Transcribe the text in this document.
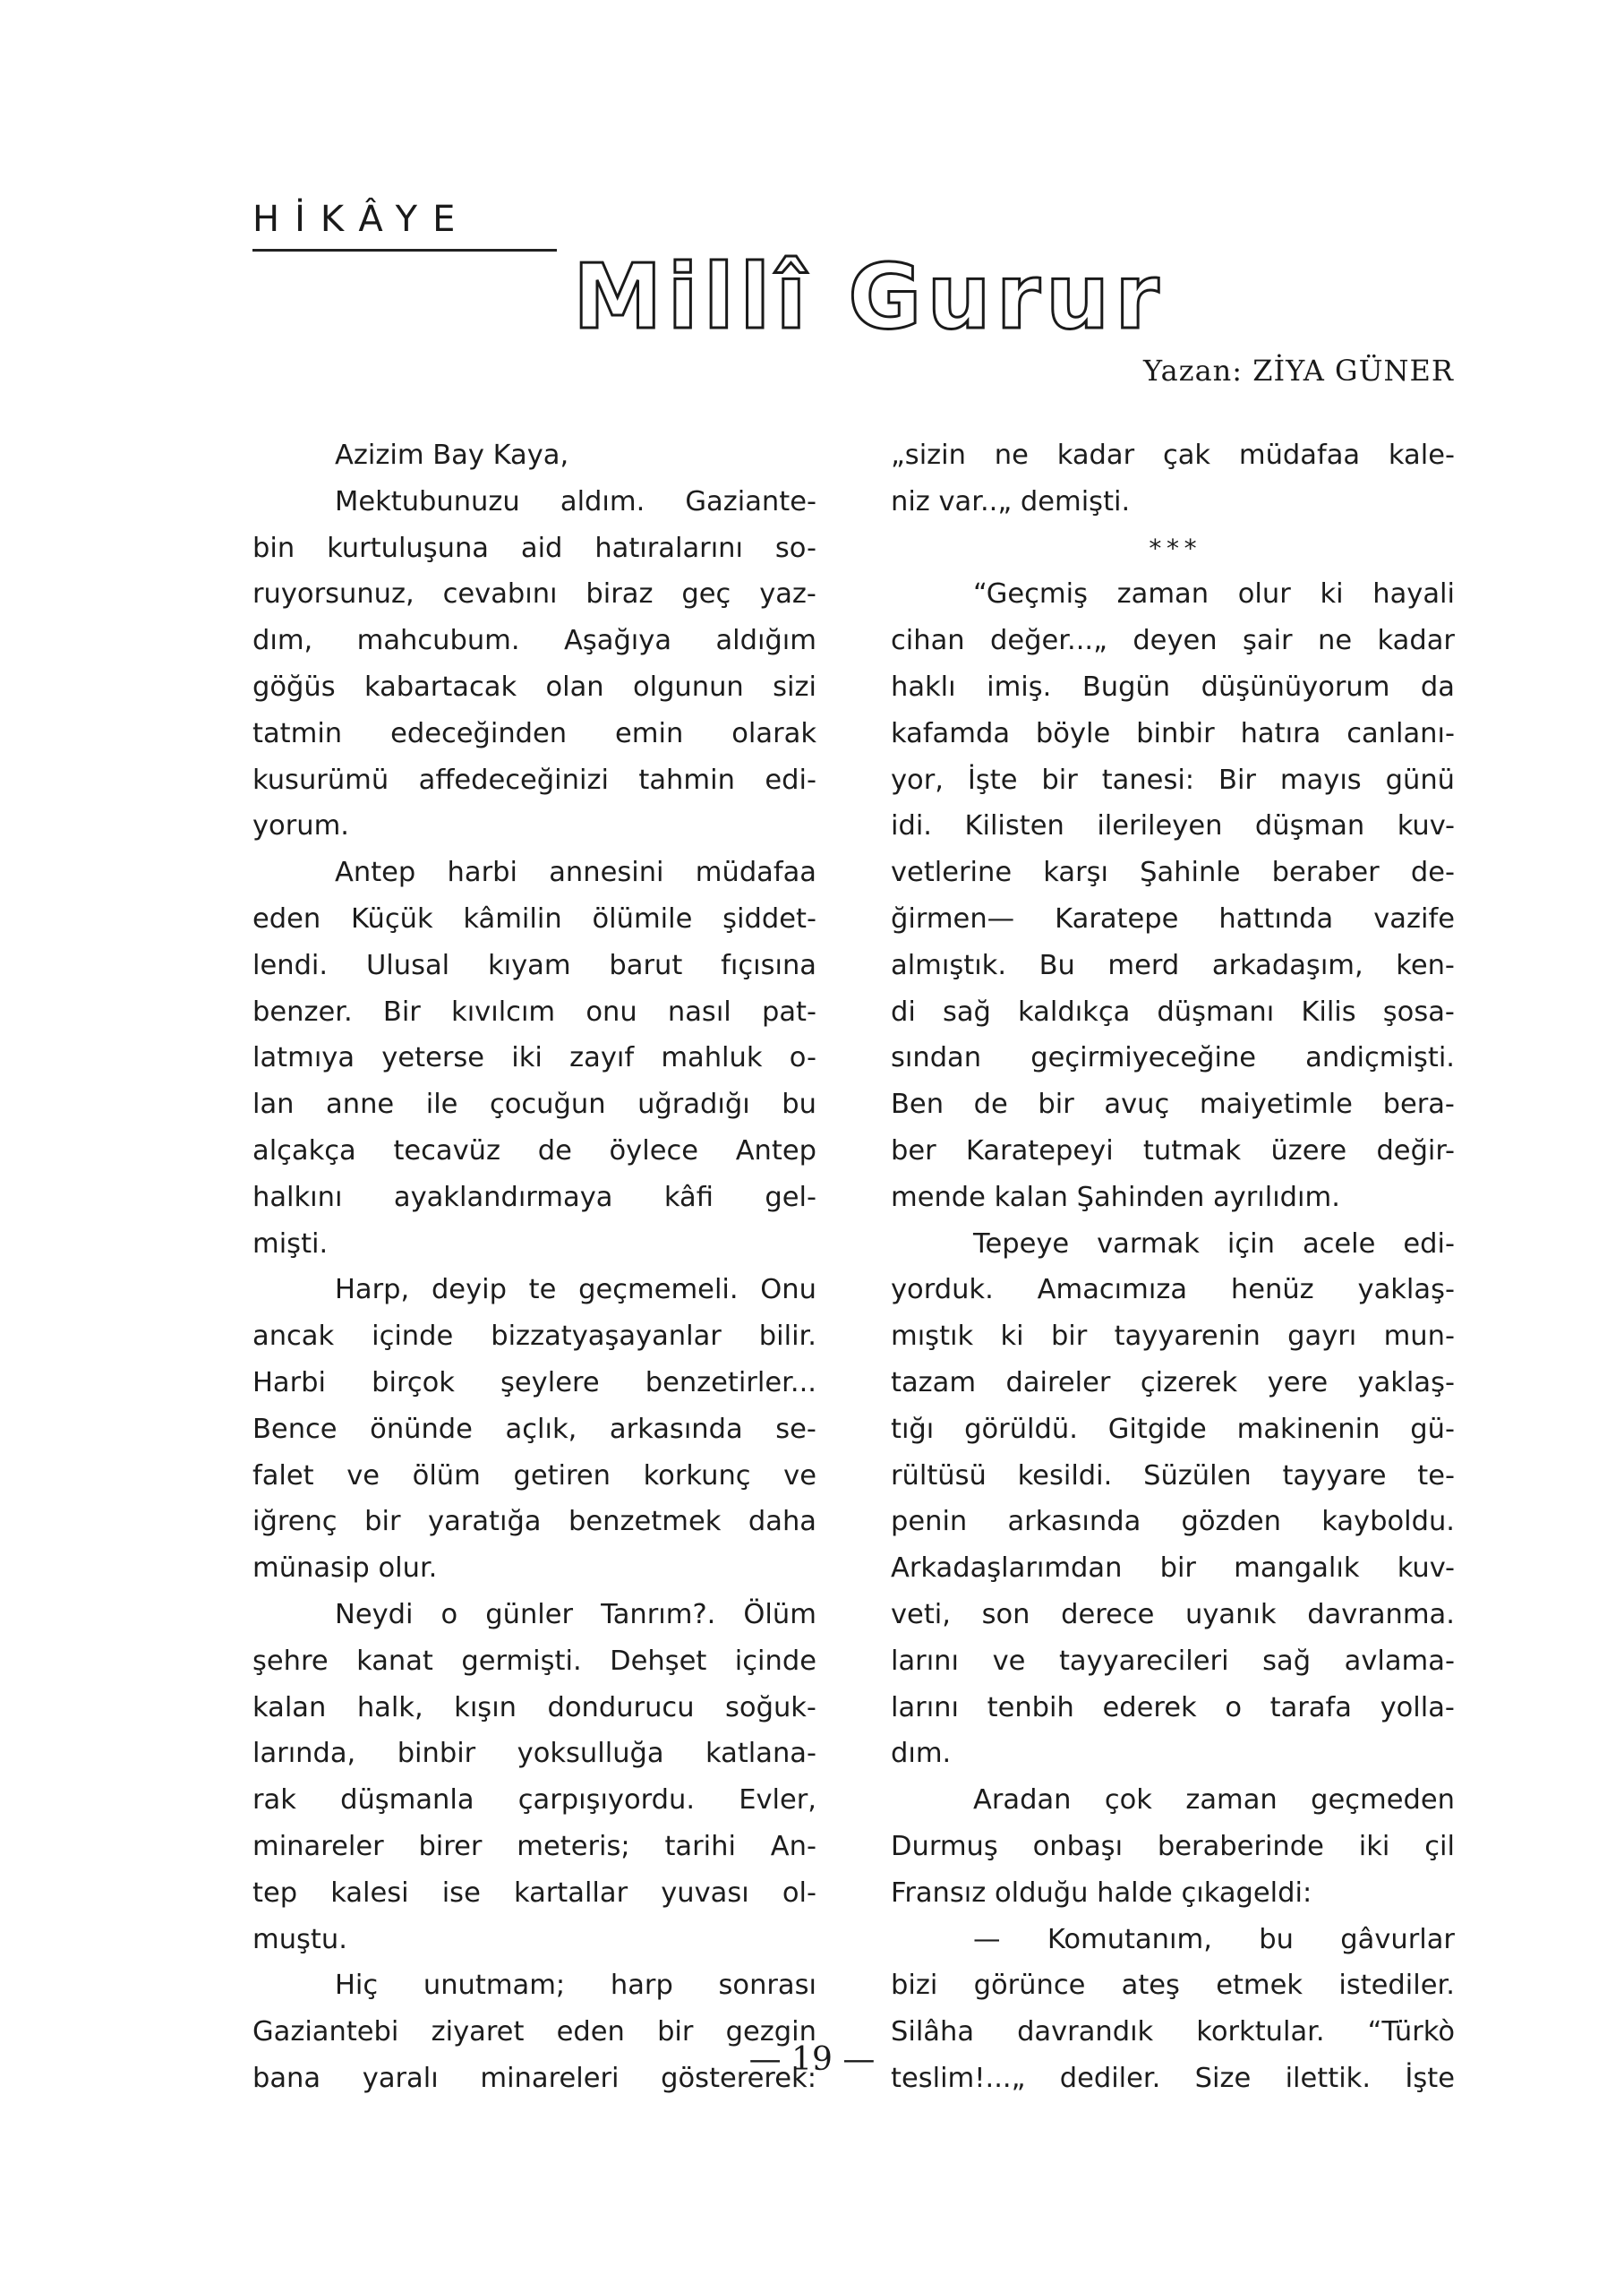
HİKÂYE
Millî Gurur
Yazan: ZİYA GÜNER
Azizim Bay Kaya,
Mektubunuzu aldım. Gaziante-
bin kurtuluşuna aid hatıralarını so-
ruyorsunuz, cevabını biraz geç yaz-
dım, mahcubum. Aşağıya aldığım
göğüs kabartacak olan olgunun sizi
tatmin edeceğinden emin olarak
kusurümü affedeceğinizi tahmin edi-
yorum.
Antep harbi annesini müdafaa
eden Küçük kâmilin ölümile şiddet-
lendi. Ulusal kıyam barut fıçısına
benzer. Bir kıvılcım onu nasıl pat-
latmıya yeterse iki zayıf mahluk o-
lan anne ile çocuğun uğradığı bu
alçakça tecavüz de öylece Antep
halkını ayaklandırmaya kâfi gel-
mişti.
Harp, deyip te geçmemeli. Onu
ancak içinde bizzatyaşayanlar bilir.
Harbi birçok şeylere benzetirler...
Bence önünde açlık, arkasında se-
falet ve ölüm getiren korkunç ve
iğrenç bir yaratığa benzetmek daha
münasip olur.
Neydi o günler Tanrım?. Ölüm
şehre kanat germişti. Dehşet içinde
kalan halk, kışın dondurucu soğuk-
larında, binbir yoksulluğa katlana-
rak düşmanla çarpışıyordu. Evler,
minareler birer meteris; tarihi An-
tep kalesi ise kartallar yuvası ol-
muştu.
Hiç unutmam; harp sonrası
Gaziantebi ziyaret eden bir gezgin
bana yaralı minareleri göstererek:
„sizin ne kadar çak müdafaa kale-
niz var..„ demişti.
* * *
“Geçmiş zaman olur ki hayali
cihan değer...„ deyen şair ne kadar
haklı imiş. Bugün düşünüyorum da
kafamda böyle binbir hatıra canlanı-
yor, İşte bir tanesi: Bir mayıs günü
idi. Kilisten ilerileyen düşman kuv-
vetlerine karşı Şahinle beraber de-
ğirmen— Karatepe hattında vazife
almıştık. Bu merd arkadaşım, ken-
di sağ kaldıkça düşmanı Kilis şosa-
sından geçirmiyeceğine andiçmişti.
Ben de bir avuç maiyetimle bera-
ber Karatepeyi tutmak üzere değir-
mende kalan Şahinden ayrılıdım.
Tepeye varmak için acele edi-
yorduk. Amacımıza henüz yaklaş-
mıştık ki bir tayyarenin gayrı mun-
tazam daireler çizerek yere yaklaş-
tığı görüldü. Gitgide makinenin gü-
rültüsü kesildi. Süzülen tayyare te-
penin arkasında gözden kayboldu.
Arkadaşlarımdan bir mangalık kuv-
veti, son derece uyanık davranma.
larını ve tayyarecileri sağ avlama-
larını tenbih ederek o tarafa yolla-
dım.
Aradan çok zaman geçmeden
Durmuş onbaşı beraberinde iki çil
Fransız olduğu halde çıkageldi:
— Komutanım, bu gâvurlar
bizi görünce ateş etmek istediler.
Silâha davrandık korktular. “Türkò
teslim!...„ dediler. Size ilettik. İşte
— 19 —
